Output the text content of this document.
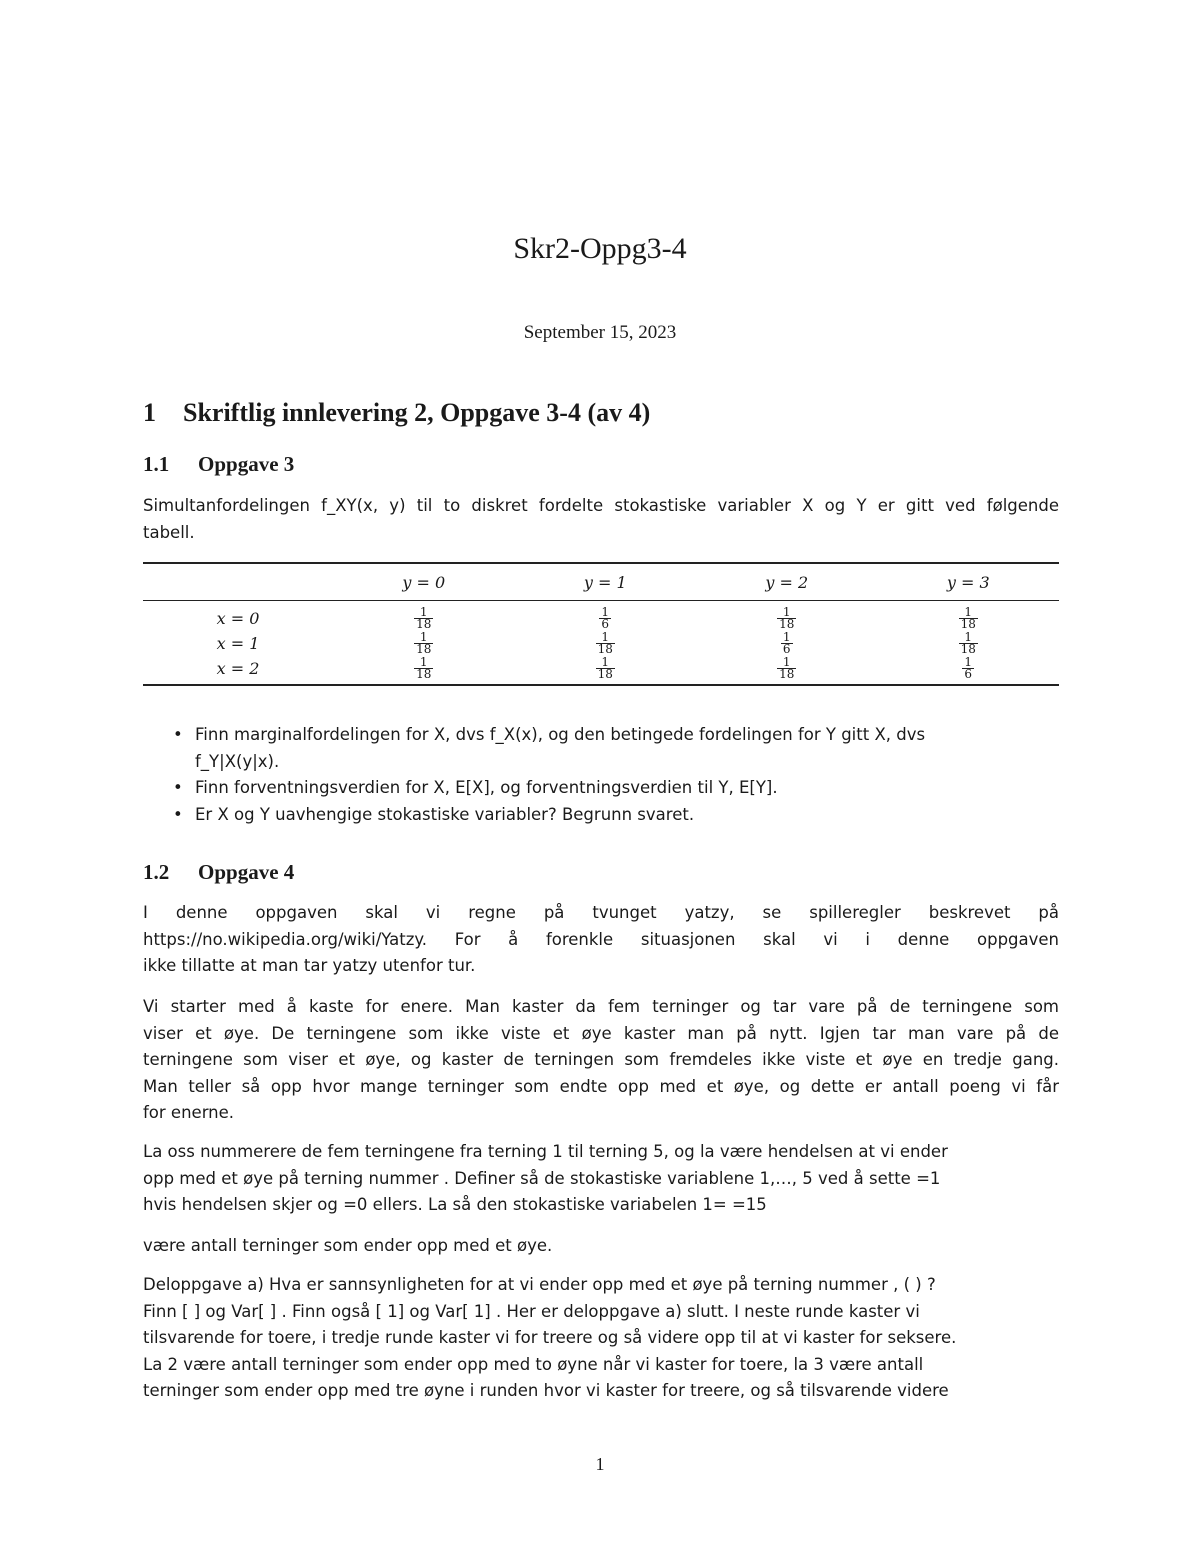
Skr2-Oppg3-4
September 15, 2023
1 Skriftlig innlevering 2, Oppgave 3-4 (av 4)
1.1 Oppgave 3
Simultanfordelingen f_XY(x, y) til to diskret fordelte stokastiske variabler X og Y er gitt ved følgende
tabell.
	y = 0	y = 1	y = 2	y = 3
x = 0	$\frac{1}{18}$	$\frac{1}{6}$	$\frac{1}{18}$	$\frac{1}{18}$

x = 1	$\frac{1}{18}$	$\frac{1}{18}$	$\frac{1}{6}$	$\frac{1}{18}$

x = 2	$\frac{1}{18}$	$\frac{1}{18}$	$\frac{1}{18}$	$\frac{1}{6}$
• Finn marginalfordelingen for X, dvs f_X(x), og den betingede fordelingen for Y gitt X, dvs
f_Y|X(y|x).
• Finn forventningsverdien for X, E[X], og forventningsverdien til Y, E[Y].
• Er X og Y uavhengige stokastiske variabler? Begrunn svaret.
1.2 Oppgave 4
I denne oppgaven skal vi regne på tvunget yatzy, se spilleregler beskrevet på
https://no.wikipedia.org/wiki/Yatzy. For å forenkle situasjonen skal vi i denne oppgaven
ikke tillatte at man tar yatzy utenfor tur.
Vi starter med å kaste for enere. Man kaster da fem terninger og tar vare på de terningene som
viser et øye. De terningene som ikke viste et øye kaster man på nytt. Igjen tar man vare på de
terningene som viser et øye, og kaster de terningen som fremdeles ikke viste et øye en tredje gang.
Man teller så opp hvor mange terninger som endte opp med et øye, og dette er antall poeng vi får
for enerne.
La oss nummerere de fem terningene fra terning 1 til terning 5, og la være hendelsen at vi ender
opp med et øye på terning nummer . Definer så de stokastiske variablene 1,…, 5 ved å sette =1
hvis hendelsen skjer og =0 ellers. La så den stokastiske variabelen 1= =15
være antall terninger som ender opp med et øye.
Deloppgave a) Hva er sannsynligheten for at vi ender opp med et øye på terning nummer , ( ) ?
Finn [ ] og Var[ ] . Finn også [ 1] og Var[ 1] . Her er deloppgave a) slutt. I neste runde kaster vi
tilsvarende for toere, i tredje runde kaster vi for treere og så videre opp til at vi kaster for seksere.
La 2 være antall terninger som ender opp med to øyne når vi kaster for toere, la 3 være antall
terninger som ender opp med tre øyne i runden hvor vi kaster for treere, og så tilsvarende videre
1
